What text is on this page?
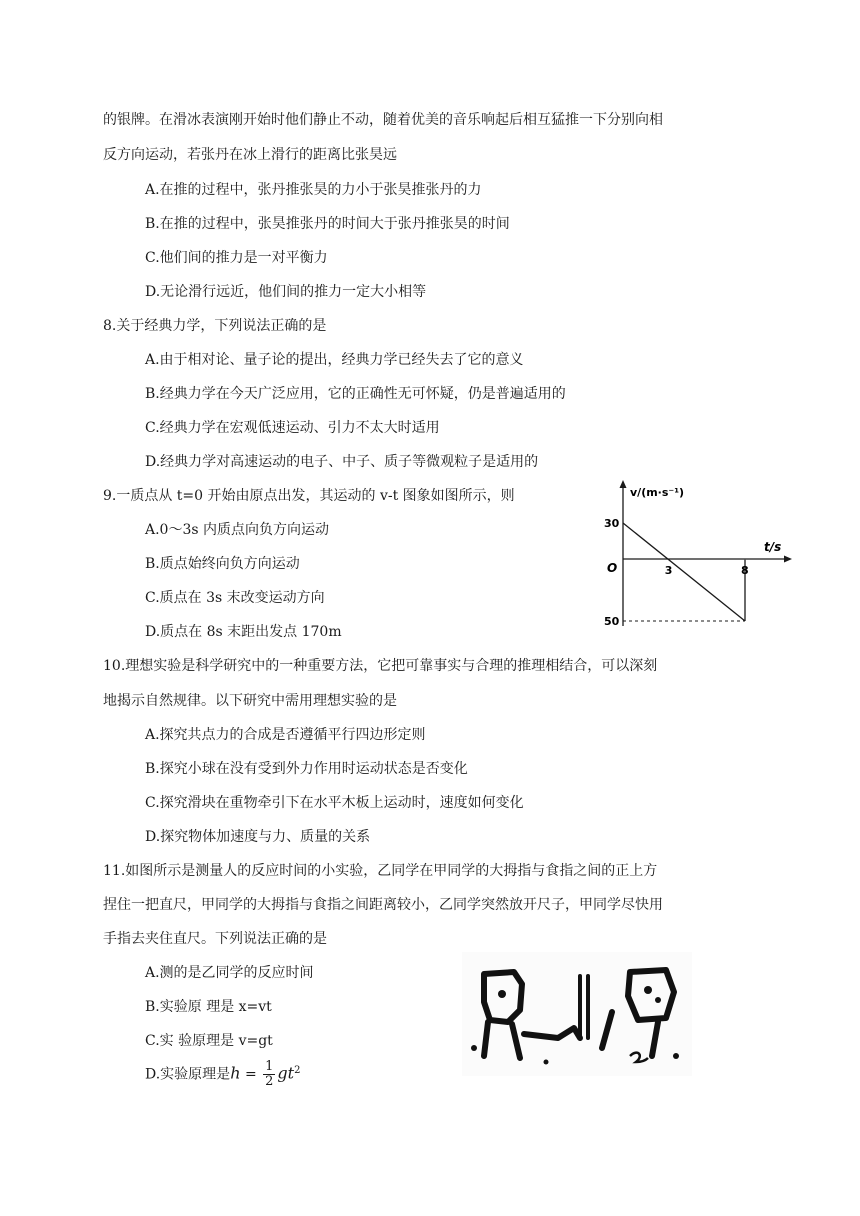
的银牌。在滑冰表演刚开始时他们静止不动，随着优美的音乐响起后相互猛推一下分别向相
反方向运动，若张丹在冰上滑行的距离比张昊远
A.在推的过程中，张丹推张昊的力小于张昊推张丹的力
B.在推的过程中，张昊推张丹的时间大于张丹推张昊的时间
C.他们间的推力是一对平衡力
D.无论滑行远近，他们间的推力一定大小相等
8.关于经典力学，下列说法正确的是
A.由于相对论、量子论的提出，经典力学已经失去了它的意义
B.经典力学在今天广泛应用，它的正确性无可怀疑，仍是普遍适用的
C.经典力学在宏观低速运动、引力不太大时适用
D.经典力学对高速运动的电子、中子、质子等微观粒子是适用的
9.一质点从 t=0 开始由原点出发，其运动的 v-t 图象如图所示，则
A.0～3s 内质点向负方向运动
B.质点始终向负方向运动
C.质点在 3s 末改变运动方向
D.质点在 8s 末距出发点 170m
v/(m·s⁻¹)
t/s
O
30
50
3	8
10.理想实验是科学研究中的一种重要方法，它把可靠事实与合理的推理相结合，可以深刻
地揭示自然规律。以下研究中需用理想实验的是
A.探究共点力的合成是否遵循平行四边形定则
B.探究小球在没有受到外力作用时运动状态是否变化
C.探究滑块在重物牵引下在水平木板上运动时，速度如何变化
D.探究物体加速度与力、质量的关系
11.如图所示是测量人的反应时间的小实验，乙同学在甲同学的大拇指与食指之间的正上方
捏住一把直尺，甲同学的大拇指与食指之间距离较小，乙同学突然放开尺子，甲同学尽快用
手指去夹住直尺。下列说法正确的是
A.测的是乙同学的反应时间
B.实验原 理是 x=vt
C.实 验原理是 v=gt
D.实验原理是$h = \frac{1}{2} gt^2$
